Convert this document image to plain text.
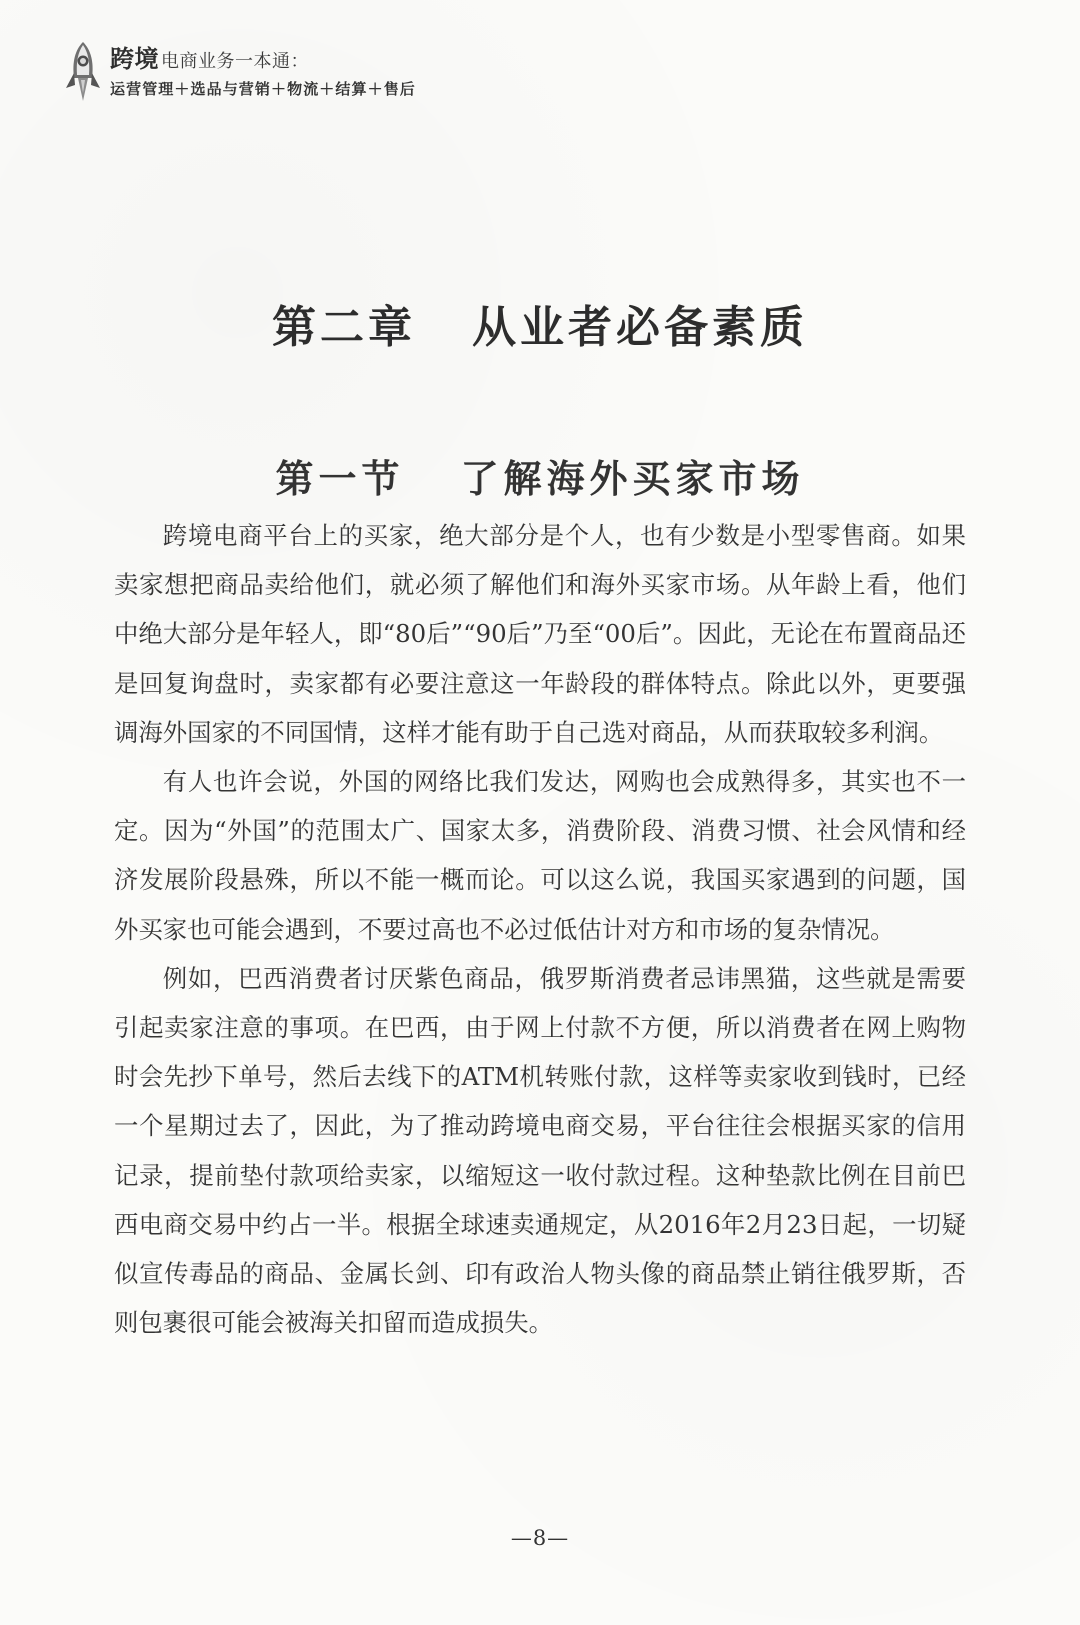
跨境 电商业务一本通：
运营管理＋选品与营销＋物流＋结算＋售后
第二章 从业者必备素质
第一节 了解海外买家市场

跨境电商平台上的买家，绝大部分是个人，也有少数是小型零售商。如果卖家想把商品卖给他们，就必须了解他们和海外买家市场。从年龄上看，他们中绝大部分是年轻人，即“80后”“90后”乃至“00后”。因此，无论在布置商品还是回复询盘时，卖家都有必要注意这一年龄段的群体特点。除此以外，更要强调海外国家的不同国情，这样才能有助于自己选对商品，从而获取较多利润。

有人也许会说，外国的网络比我们发达，网购也会成熟得多，其实也不一定。因为“外国”的范围太广、国家太多，消费阶段、消费习惯、社会风情和经济发展阶段悬殊，所以不能一概而论。可以这么说，我国买家遇到的问题，国外买家也可能会遇到，不要过高也不必过低估计对方和市场的复杂情况。

例如，巴西消费者讨厌紫色商品，俄罗斯消费者忌讳黑猫，这些就是需要引起卖家注意的事项。在巴西，由于网上付款不方便，所以消费者在网上购物时会先抄下单号，然后去线下的ATM机转账付款，这样等卖家收到钱时，已经一个星期过去了，因此，为了推动跨境电商交易，平台往往会根据买家的信用记录，提前垫付款项给卖家，以缩短这一收付款过程。这种垫款比例在目前巴西电商交易中约占一半。根据全球速卖通规定，从2016年2月23日起，一切疑似宣传毒品的商品、金属长剑、印有政治人物头像的商品禁止销往俄罗斯，否则包裹很可能会被海关扣留而造成损失。

—8—
